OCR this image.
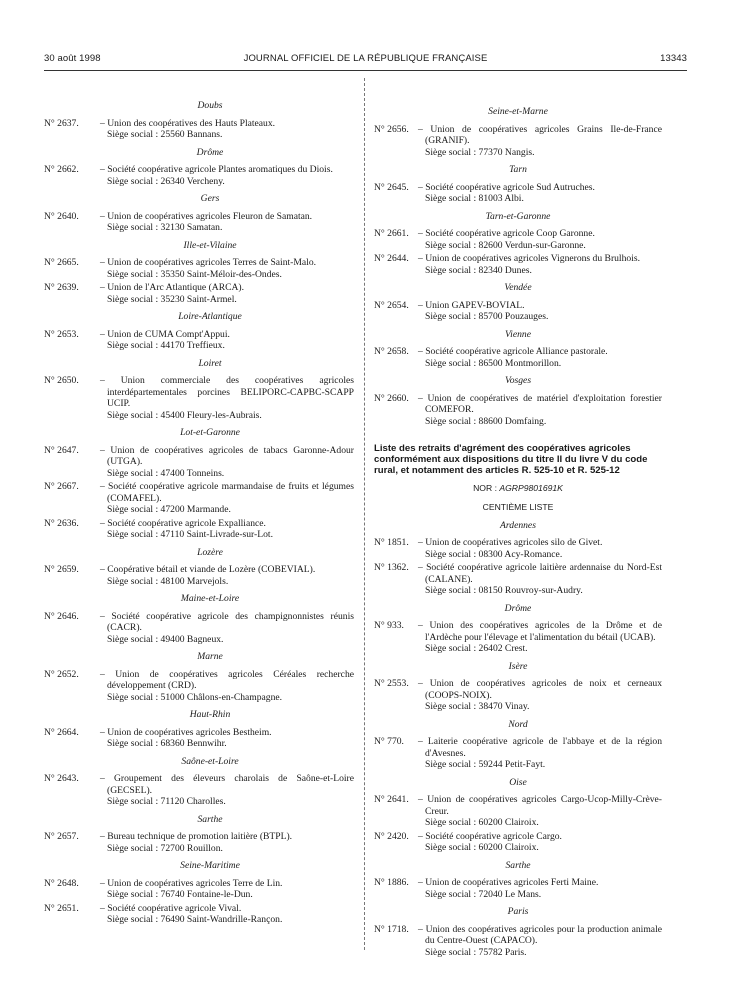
30 août 1998	JOURNAL OFFICIEL DE LA RÉPUBLIQUE FRANÇAISE	13343
Doubs
N° 2637.	– Union des coopératives des Hauts Plateaux.
Siège social : 25560 Bannans.
Drôme
N° 2662.	– Société coopérative agricole Plantes aromatiques du Diois.
Siège social : 26340 Vercheny.
Gers
N° 2640.	– Union de coopératives agricoles Fleuron de Samatan.
Siège social : 32130 Samatan.
Ille-et-Vilaine
N° 2665.	– Union de coopératives agricoles Terres de Saint-Malo.
Siège social : 35350 Saint-Méloir-des-Ondes.
N° 2639.	– Union de l'Arc Atlantique (ARCA).
Siège social : 35230 Saint-Armel.
Loire-Atlantique
N° 2653.	– Union de CUMA Compt'Appui.
Siège social : 44170 Treffieux.
Loiret
N° 2650.	– Union commerciale des coopératives agricoles interdépartementales porcines BELIPORC-CAPBC-SCAPP UCIP.
Siège social : 45400 Fleury-les-Aubrais.
Lot-et-Garonne
N° 2647.	– Union de coopératives agricoles de tabacs Garonne-Adour (UTGA).
Siège social : 47400 Tonneins.
N° 2667.	– Société coopérative agricole marmandaise de fruits et légumes (COMAFEL).
Siège social : 47200 Marmande.
N° 2636.	– Société coopérative agricole Expalliance.
Siège social : 47110 Saint-Livrade-sur-Lot.
Lozère
N° 2659.	– Coopérative bétail et viande de Lozère (COBEVIAL).
Siège social : 48100 Marvejols.
Maine-et-Loire
N° 2646.	– Société coopérative agricole des champignonnistes réunis (CACR).
Siège social : 49400 Bagneux.
Marne
N° 2652.	– Union de coopératives agricoles Céréales recherche développement (CRD).
Siège social : 51000 Châlons-en-Champagne.
Haut-Rhin
N° 2664.	– Union de coopératives agricoles Bestheim.
Siège social : 68360 Bennwihr.
Saône-et-Loire
N° 2643.	– Groupement des éleveurs charolais de Saône-et-Loire (GECSEL).
Siège social : 71120 Charolles.
Sarthe
N° 2657.	– Bureau technique de promotion laitière (BTPL).
Siège social : 72700 Rouillon.
Seine-Maritime
N° 2648.	– Union de coopératives agricoles Terre de Lin.
Siège social : 76740 Fontaine-le-Dun.
N° 2651.	– Société coopérative agricole Vival.
Siège social : 76490 Saint-Wandrille-Rançon.
Seine-et-Marne
N° 2656. – Union de coopératives agricoles Grains Ile-de-France (GRANIF).
Siège social : 77370 Nangis.
Tarn
N° 2645. – Société coopérative agricole Sud Autruches.
Siège social : 81003 Albi.
Tarn-et-Garonne
N° 2661. – Société coopérative agricole Coop Garonne.
Siège social : 82600 Verdun-sur-Garonne.
N° 2644. – Union de coopératives agricoles Vignerons du Brulhois.
Siège social : 82340 Dunes.
Vendée
N° 2654. – Union GAPEV-BOVIAL.
Siège social : 85700 Pouzauges.
Vienne
N° 2658. – Société coopérative agricole Alliance pastorale.
Siège social : 86500 Montmorillon.
Vosges
N° 2660. – Union de coopératives de matériel d'exploitation forestier COMEFOR.
Siège social : 88600 Domfaing.
Liste des retraits d'agrément des coopératives agricoles conformément aux dispositions du titre II du livre V du code rural, et notamment des articles R. 525-10 et R. 525-12
NOR : AGRP9801691K
CENTIÈME LISTE
Ardennes
N° 1851. – Union de coopératives agricoles silo de Givet.
Siège social : 08300 Acy-Romance.
N° 1362. – Société coopérative agricole laitière ardennaise du Nord-Est (CALANE).
Siège social : 08150 Rouvroy-sur-Audry.
Drôme
N° 933.	– Union des coopératives agricoles de la Drôme et de l'Ardèche pour l'élevage et l'alimentation du bétail (UCAB).
Siège social : 26402 Crest.
Isère
N° 2553. – Union de coopératives agricoles de noix et cerneaux (COOPS-NOIX).
Siège social : 38470 Vinay.
Nord
N° 770.	– Laiterie coopérative agricole de l'abbaye et de la région d'Avesnes.
Siège social : 59244 Petit-Fayt.
Oise
N° 2641. – Union de coopératives agricoles Cargo-Ucop-Milly-Crève-Creur.
Siège social : 60200 Clairoix.
N° 2420. – Société coopérative agricole Cargo.
Siège social : 60200 Clairoix.
Sarthe
N° 1886. – Union de coopératives agricoles Ferti Maine.
Siège social : 72040 Le Mans.
Paris
N° 1718. – Union des coopératives agricoles pour la production animale du Centre-Ouest (CAPACO).
Siège social : 75782 Paris.
